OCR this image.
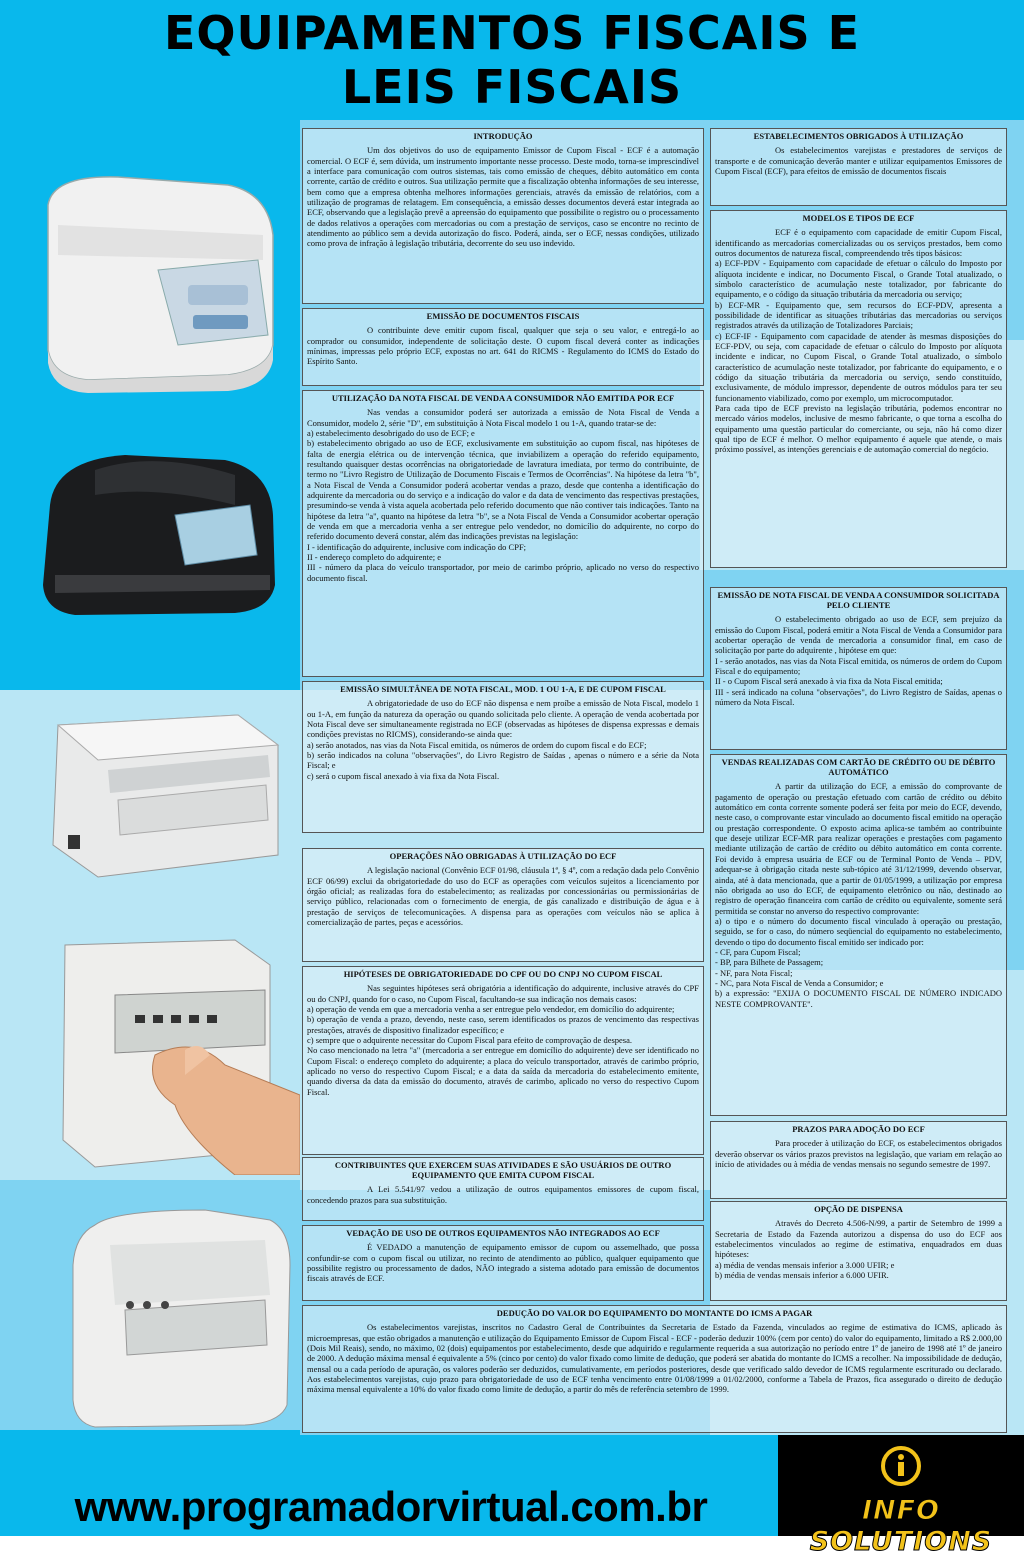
EQUIPAMENTOS FISCAIS E
LEIS FISCAIS
INTRODUÇÃO

Um dos objetivos do uso de equipamento Emissor de Cupom Fiscal - ECF é a automação comercial. O ECF é, sem dúvida, um instrumento importante nesse processo. Deste modo, torna-se imprescindível a interface para comunicação com outros sistemas, tais como emissão de cheques, débito automático em conta corrente, cartão de crédito e outros. Sua utilização permite que a fiscalização obtenha informações de seu interesse, bem como que a empresa obtenha melhores informações gerenciais, através da emissão de relatórios, com a utilização de programas de relatagem. Em consequência, a emissão desses documentos deverá estar integrada ao ECF, observando que a legislação prevê a apreensão do equipamento que possibilite o registro ou o processamento de dados relativos a operações com mercadorias ou com a prestação de serviços, caso se encontre no recinto de atendimento ao público sem a devida autorização do fisco. Poderá, ainda, ser o ECF, nessas condições, utilizado como prova de infração à legislação tributária, decorrente do seu uso indevido.

EMISSÃO DE DOCUMENTOS FISCAIS

O contribuinte deve emitir cupom fiscal, qualquer que seja o seu valor, e entregá-lo ao comprador ou consumidor, independente de solicitação deste. O cupom fiscal deverá conter as indicações mínimas, impressas pelo próprio ECF, expostas no art. 641 do RICMS - Regulamento do ICMS do Estado do Espírito Santo.

UTILIZAÇÃO DA NOTA FISCAL DE VENDA A CONSUMIDOR NÃO EMITIDA POR ECF

Nas vendas a consumidor poderá ser autorizada a emissão de Nota Fiscal de Venda a Consumidor, modelo 2, série "D", em substituição à Nota Fiscal modelo 1 ou 1-A, quando tratar-se de:

a) estabelecimento desobrigado do uso de ECF; e

b) estabelecimento obrigado ao uso de ECF, exclusivamente em substituição ao cupom fiscal, nas hipóteses de falta de energia elétrica ou de intervenção técnica, que inviabilizem a operação do referido equipamento, resultando quaisquer destas ocorrências na obrigatoriedade de lavratura imediata, por termo do contribuinte, de termo no "Livro Registro de Utilização de Documento Fiscais e Termos de Ocorrências". Na hipótese da letra "b", a Nota Fiscal de Venda a Consumidor poderá acobertar vendas a prazo, desde que contenha a identificação do adquirente da mercadoria ou do serviço e a indicação do valor e da data de vencimento das respectivas prestações, presumindo-se venda à vista aquela acobertada pelo referido documento que não contiver tais indicações. Tanto na hipótese da letra "a", quanto na hipótese da letra "b", se a Nota Fiscal de Venda a Consumidor acobertar operação de venda em que a mercadoria venha a ser entregue pelo vendedor, no domicílio do adquirente, no corpo do referido documento deverá constar, além das indicações previstas na legislação:

I - identificação do adquirente, inclusive com indicação do CPF;

II - endereço completo do adquirente; e

III - número da placa do veículo transportador, por meio de carimbo próprio, aplicado no verso do respectivo documento fiscal.

EMISSÃO SIMULTÂNEA DE NOTA FISCAL, MOD. 1 OU 1-A, E DE CUPOM FISCAL

A obrigatoriedade de uso do ECF não dispensa e nem proíbe a emissão de Nota Fiscal, modelo 1 ou 1-A, em função da natureza da operação ou quando solicitada pelo cliente. A operação de venda acobertada por Nota Fiscal deve ser simultaneamente registrada no ECF (observadas as hipóteses de dispensa expressas e demais condições previstas no RICMS), considerando-se ainda que:

a) serão anotados, nas vias da Nota Fiscal emitida, os números de ordem do cupom fiscal e do ECF;

b) serão indicados na coluna "observações", do Livro Registro de Saídas , apenas o número e a série da Nota Fiscal; e

c) será o cupom fiscal anexado à via fixa da Nota Fiscal.

OPERAÇÕES NÃO OBRIGADAS À UTILIZAÇÃO DO ECF

A legislação nacional (Convênio ECF 01/98, cláusula 1ª, § 4º, com a redação dada pelo Convênio ECF 06/99) exclui da obrigatoriedade do uso do ECF as operações com veículos sujeitos a licenciamento por órgão oficial; as realizadas fora do estabelecimento; as realizadas por concessionárias ou permissionárias de serviço público, relacionadas com o fornecimento de energia, de gás canalizado e distribuição de água e à prestação de serviços de telecomunicações. A dispensa para as operações com veículos não se aplica à comercialização de partes, peças e acessórios.

HIPÓTESES DE OBRIGATORIEDADE DO CPF OU DO CNPJ NO CUPOM FISCAL

Nas seguintes hipóteses será obrigatória a identificação do adquirente, inclusive através do CPF ou do CNPJ, quando for o caso, no Cupom Fiscal, facultando-se sua indicação nos demais casos:

a) operação de venda em que a mercadoria venha a ser entregue pelo vendedor, em domicílio do adquirente;

b) operação de venda a prazo, devendo, neste caso, serem identificados os prazos de vencimento das respectivas prestações, através de dispositivo finalizador específico; e

c) sempre que o adquirente necessitar do Cupom Fiscal para efeito de comprovação de despesa.

No caso mencionado na letra "a" (mercadoria a ser entregue em domicílio do adquirente) deve ser identificado no Cupom Fiscal: o endereço completo do adquirente; a placa do veículo transportador, através de carimbo próprio, aplicado no verso do respectivo Cupom Fiscal; e a data da saída da mercadoria do estabelecimento emitente, quando diversa da data da emissão do documento, através de carimbo, aplicado no verso do respectivo Cupom Fiscal.

CONTRIBUINTES QUE EXERCEM SUAS ATIVIDADES E SÃO USUÁRIOS DE OUTRO EQUIPAMENTO QUE EMITA CUPOM FISCAL

A Lei 5.541/97 vedou a utilização de outros equipamentos emissores de cupom fiscal, concedendo prazos para sua substituição.

VEDAÇÃO DE USO DE OUTROS EQUIPAMENTOS NÃO INTEGRADOS AO ECF

É VEDADO a manutenção de equipamento emissor de cupom ou assemelhado, que possa confundir-se com o cupom fiscal ou utilizar, no recinto de atendimento ao público, qualquer equipamento que possibilite registro ou processamento de dados, NÃO integrado a sistema adotado para emissão de documentos fiscais através de ECF.

ESTABELECIMENTOS OBRIGADOS À UTILIZAÇÃO

Os estabelecimentos varejistas e prestadores de serviços de transporte e de comunicação deverão manter e utilizar equipamentos Emissores de Cupom Fiscal (ECF), para efeitos de emissão de documentos fiscais

MODELOS E TIPOS DE ECF

ECF é o equipamento com capacidade de emitir Cupom Fiscal, identificando as mercadorias comercializadas ou os serviços prestados, bem como outros documentos de natureza fiscal, compreendendo três tipos básicos:

a) ECF-PDV - Equipamento com capacidade de efetuar o cálculo do Imposto por alíquota incidente e indicar, no Documento Fiscal, o Grande Total atualizado, o símbolo característico de acumulação neste totalizador, por fabricante do equipamento, e o código da situação tributária da mercadoria ou serviço;

b) ECF-MR - Equipamento que, sem recursos do ECF-PDV, apresenta a possibilidade de identificar as situações tributárias das mercadorias ou serviços registrados através da utilização de Totalizadores Parciais;

c) ECF-IF - Equipamento com capacidade de atender às mesmas disposições do ECF-PDV, ou seja, com capacidade de efetuar o cálculo do Imposto por alíquota incidente e indicar, no Cupom Fiscal, o Grande Total atualizado, o símbolo característico de acumulação neste totalizador, por fabricante do equipamento, e o código da situação tributária da mercadoria ou serviço, sendo constituído, exclusivamente, de módulo impressor, dependente de outros módulos para ter seu funcionamento viabilizado, como por exemplo, um microcomputador.

Para cada tipo de ECF previsto na legislação tributária, podemos encontrar no mercado vários modelos, inclusive de mesmo fabricante, o que torna a escolha do equipamento uma questão particular do comerciante, ou seja, não há como dizer qual tipo de ECF é melhor. O melhor equipamento é aquele que atende, o mais próximo possível, as intenções gerenciais e de automação comercial do negócio.

EMISSÃO DE NOTA FISCAL DE VENDA A CONSUMIDOR SOLICITADA PELO CLIENTE

O estabelecimento obrigado ao uso de ECF, sem prejuízo da emissão do Cupom Fiscal, poderá emitir a Nota Fiscal de Venda a Consumidor para acobertar operação de venda de mercadoria a consumidor final, em caso de solicitação por parte do adquirente , hipótese em que:

I - serão anotados, nas vias da Nota Fiscal emitida, os números de ordem do Cupom Fiscal e do equipamento;

II - o Cupom Fiscal será anexado à via fixa da Nota Fiscal emitida;

III - será indicado na coluna "observações", do Livro Registro de Saídas, apenas o número da Nota Fiscal.

VENDAS REALIZADAS COM CARTÃO DE CRÉDITO OU DE DÉBITO AUTOMÁTICO

A partir da utilização do ECF, a emissão do comprovante de pagamento de operação ou prestação efetuado com cartão de crédito ou débito automático em conta corrente somente poderá ser feita por meio do ECF, devendo, neste caso, o comprovante estar vinculado ao documento fiscal emitido na operação ou prestação correspondente. O exposto acima aplica-se também ao contribuinte que deseje utilizar ECF-MR para realizar operações e prestações com pagamento mediante utilização de cartão de crédito ou débito automático em conta corrente. Foi devido à empresa usuária de ECF ou de Terminal Ponto de Venda – PDV, adequar-se à obrigação citada neste sub-tópico até 31/12/1999, devendo observar, ainda, até à data mencionada, que a partir de 01/05/1999, a utilização por empresa não obrigada ao uso do ECF, de equipamento eletrônico ou não, destinado ao registro de operação financeira com cartão de crédito ou equivalente, somente será permitida se constar no anverso do respectivo comprovante:

a) o tipo e o número do documento fiscal vinculado à operação ou prestação, seguido, se for o caso, do número seqüencial do equipamento no estabelecimento, devendo o tipo do documento fiscal emitido ser indicado por:

- CF, para Cupom Fiscal;

- BP, para Bilhete de Passagem;

- NF, para Nota Fiscal;

- NC, para Nota Fiscal de Venda a Consumidor; e

b) a expressão: "EXIJA O DOCUMENTO FISCAL DE NÚMERO INDICADO NESTE COMPROVANTE".

PRAZOS PARA ADOÇÃO DO ECF

Para proceder à utilização do ECF, os estabelecimentos obrigados deverão observar os vários prazos previstos na legislação, que variam em relação ao início de atividades ou à média de vendas mensais no segundo semestre de 1997.

OPÇÃO DE DISPENSA

Através do Decreto 4.506-N/99, a partir de Setembro de 1999 a Secretaria de Estado da Fazenda autorizou a dispensa do uso do ECF aos estabelecimentos vinculados ao regime de estimativa, enquadrados em duas hipóteses:

a) média de vendas mensais inferior a 3.000 UFIR; e

b) média de vendas mensais inferior a 6.000 UFIR.

DEDUÇÃO DO VALOR DO EQUIPAMENTO DO MONTANTE DO ICMS A PAGAR

Os estabelecimentos varejistas, inscritos no Cadastro Geral de Contribuintes da Secretaria de Estado da Fazenda, vinculados ao regime de estimativa do ICMS, aplicado às microempresas, que estão obrigados a manutenção e utilização do Equipamento Emissor de Cupom Fiscal - ECF - poderão deduzir 100% (cem por cento) do valor do equipamento, limitado a R$ 2.000,00 (Dois Mil Reais), sendo, no máximo, 02 (dois) equipamentos por estabelecimento, desde que adquirido e regularmente requerida a sua autorização no período entre 1º de janeiro de 1998 até 1º de janeiro de 2000. A dedução máxima mensal é equivalente a 5% (cinco por cento) do valor fixado como limite de dedução, que poderá ser abatida do montante do ICMS a recolher. Na impossibilidade de dedução, mensal ou a cada período de apuração, os valores poderão ser deduzidos, cumulativamente, em períodos posteriores, desde que verificado saldo devedor de ICMS regularmente escriturado ou declarado. Aos estabelecimentos varejistas, cujo prazo para obrigatoriedade de uso de ECF tenha vencimento entre 01/08/1999 a 01/02/2000, conforme a Tabela de Prazos, fica assegurado o direito de dedução máxima mensal equivalente a 10% do valor fixado como limite de dedução, a partir do mês de referência setembro de 1999.

www.programadorvirtual.com.br	INFO SOLUTIONS
